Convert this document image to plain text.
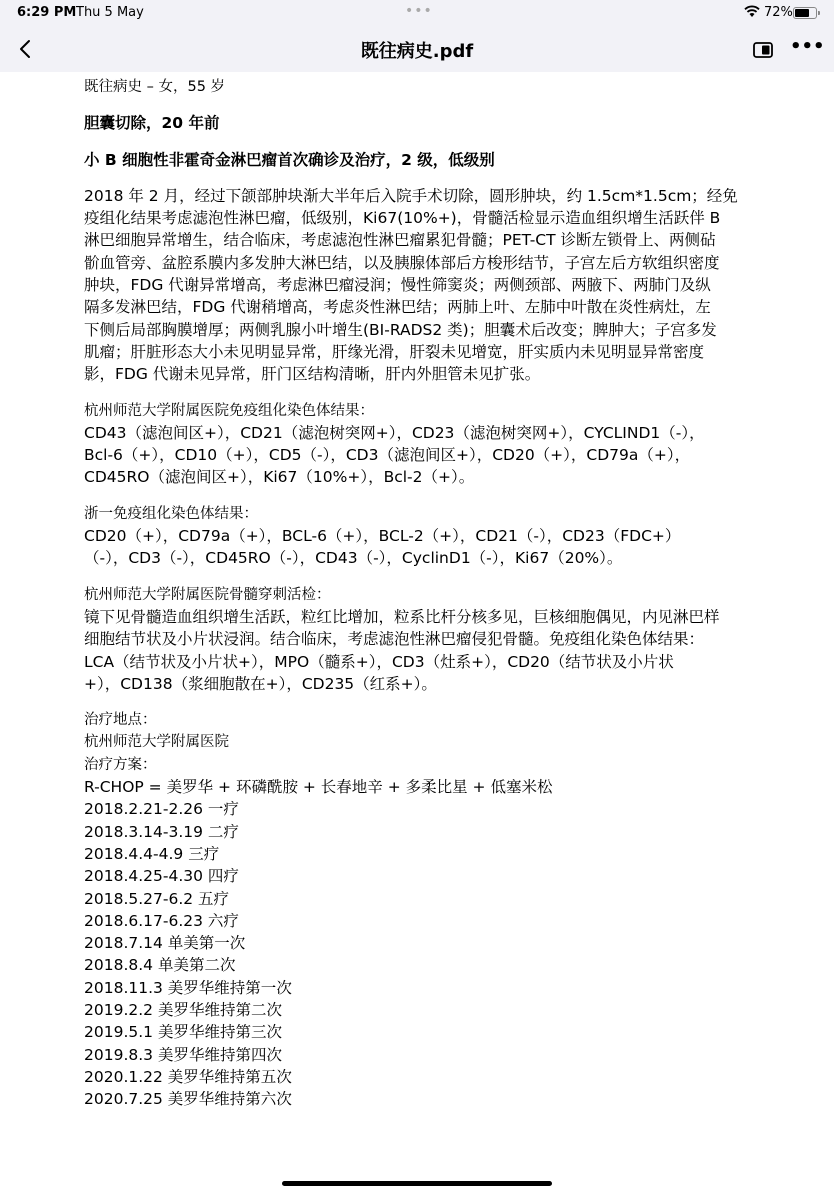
6:29 PM Thu 5 May	•••	72%
既往病史.pdf	•••
既往病史 – 女，55 岁
胆囊切除，20 年前
小 B 细胞性非霍奇金淋巴瘤首次确诊及治疗，2 级，低级别
2018 年 2 月，经过下颌部肿块渐大半年后入院手术切除，圆形肿块，约 1.5cm*1.5cm；经免
疫组化结果考虑滤泡性淋巴瘤，低级别，Ki67(10%+)，骨髓活检显示造血组织增生活跃伴 B
淋巴细胞异常增生，结合临床，考虑滤泡性淋巴瘤累犯骨髓；PET-CT 诊断左锁骨上、两侧砧
骱血管旁、盆腔系膜内多发肿大淋巴结，以及胰腺体部后方梭形结节，子宫左后方软组织密度
肿块，FDG 代谢异常增高，考虑淋巴瘤浸润；慢性筛窦炎；两侧颈部、两腋下、两肺门及纵
隔多发淋巴结，FDG 代谢稍增高，考虑炎性淋巴结；两肺上叶、左肺中叶散在炎性病灶，左
下侧后局部胸膜增厚；两侧乳腺小叶增生(BI-RADS2 类)；胆囊术后改变；脾肿大；子宫多发
肌瘤；肝脏形态大小未见明显异常，肝缘光滑，肝裂未见增宽，肝实质内未见明显异常密度
影，FDG 代谢未见异常，肝门区结构清晰，肝内外胆管未见扩张。
杭州师范大学附属医院免疫组化染色体结果：
CD43（滤泡间区+），CD21（滤泡树突网+），CD23（滤泡树突网+），CYCLIND1（-），
Bcl-6（+），CD10（+），CD5（-），CD3（滤泡间区+），CD20（+），CD79a（+），
CD45RO（滤泡间区+），Ki67（10%+），Bcl-2（+）。
浙一免疫组化染色体结果：
CD20（+），CD79a（+），BCL-6（+），BCL-2（+），CD21（-），CD23（FDC+）
（-），CD3（-），CD45RO（-），CD43（-），CyclinD1（-），Ki67（20%）。
杭州师范大学附属医院骨髓穿刺活检：
镜下见骨髓造血组织增生活跃，粒红比增加，粒系比杆分核多见，巨核细胞偶见，内见淋巴样
细胞结节状及小片状浸润。结合临床，考虑滤泡性淋巴瘤侵犯骨髓。免疫组化染色体结果：
LCA（结节状及小片状+），MPO（髓系+），CD3（灶系+），CD20（结节状及小片状
+），CD138（浆细胞散在+），CD235（红系+）。
治疗地点：
杭州师范大学附属医院
治疗方案：
R-CHOP = 美罗华 + 环磷酰胺 + 长春地辛 + 多柔比星 + 低塞米松
2018.2.21-2.26 一疗
2018.3.14-3.19 二疗
2018.4.4-4.9 三疗
2018.4.25-4.30 四疗
2018.5.27-6.2 五疗
2018.6.17-6.23 六疗
2018.7.14 单美第一次
2018.8.4 单美第二次
2018.11.3 美罗华维持第一次
2019.2.2 美罗华维持第二次
2019.5.1 美罗华维持第三次
2019.8.3 美罗华维持第四次
2020.1.22 美罗华维持第五次
2020.7.25 美罗华维持第六次
